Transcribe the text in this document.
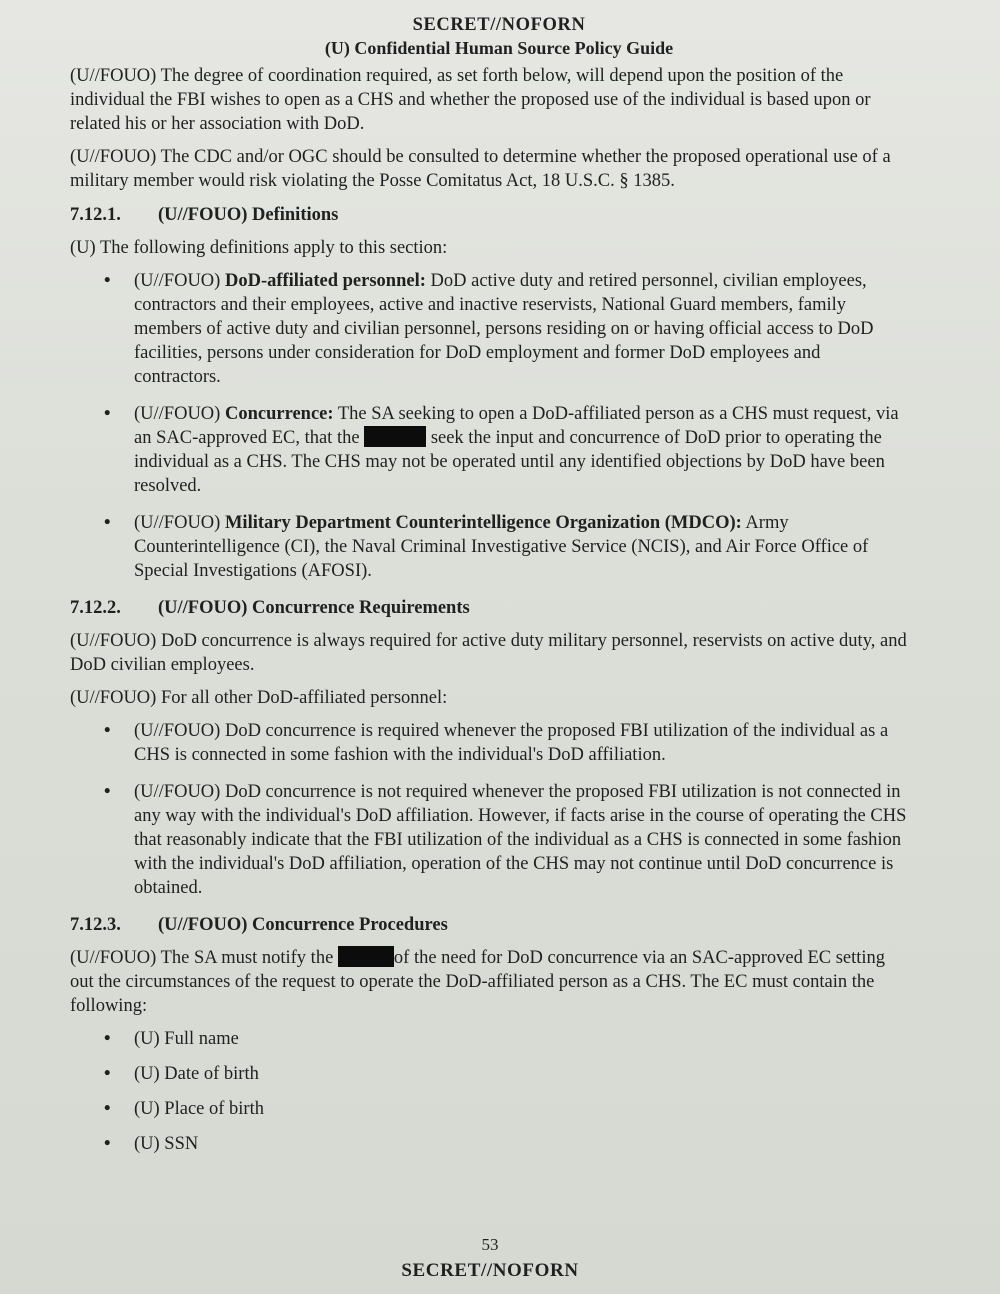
SECRET//NOFORN
(U) Confidential Human Source Policy Guide

(U//FOUO) The degree of coordination required, as set forth below, will depend upon the position of the individual the FBI wishes to open as a CHS and whether the proposed use of the individual is based upon or related his or her association with DoD.

(U//FOUO) The CDC and/or OGC should be consulted to determine whether the proposed operational use of a military member would risk violating the Posse Comitatus Act, 18 U.S.C. § 1385.

7.12.1.	(U//FOUO) Definitions

(U) The following definitions apply to this section:

• (U//FOUO) DoD-affiliated personnel: DoD active duty and retired personnel, civilian employees, contractors and their employees, active and inactive reservists, National Guard members, family members of active duty and civilian personnel, persons residing on or having official access to DoD facilities, persons under consideration for DoD employment and former DoD employees and contractors.
• (U//FOUO) Concurrence: The SA seeking to open a DoD-affiliated person as a CHS must request, via an SAC-approved EC, that the	seek the input and concurrence of DoD prior to operating the individual as a CHS. The CHS may not be operated until any identified objections by DoD have been resolved.
• (U//FOUO) Military Department Counterintelligence Organization (MDCO): Army Counterintelligence (CI), the Naval Criminal Investigative Service (NCIS), and Air Force Office of Special Investigations (AFOSI).
7.12.2.	(U//FOUO) Concurrence Requirements

(U//FOUO) DoD concurrence is always required for active duty military personnel, reservists on active duty, and DoD civilian employees.

(U//FOUO) For all other DoD-affiliated personnel:

• (U//FOUO) DoD concurrence is required whenever the proposed FBI utilization of the individual as a CHS is connected in some fashion with the individual's DoD affiliation.
• (U//FOUO) DoD concurrence is not required whenever the proposed FBI utilization is not connected in any way with the individual's DoD affiliation. However, if facts arise in the course of operating the CHS that reasonably indicate that the FBI utilization of the individual as a CHS is connected in some fashion with the individual's DoD affiliation, operation of the CHS may not continue until DoD concurrence is obtained.
7.12.3.	(U//FOUO) Concurrence Procedures

(U//FOUO) The SA must notify the	of the need for DoD concurrence via an SAC-approved EC setting out the circumstances of the request to operate the DoD-affiliated person as a CHS. The EC must contain the following:

• (U) Full name
• (U) Date of birth
• (U) Place of birth
• (U) SSN
53
SECRET//NOFORN
